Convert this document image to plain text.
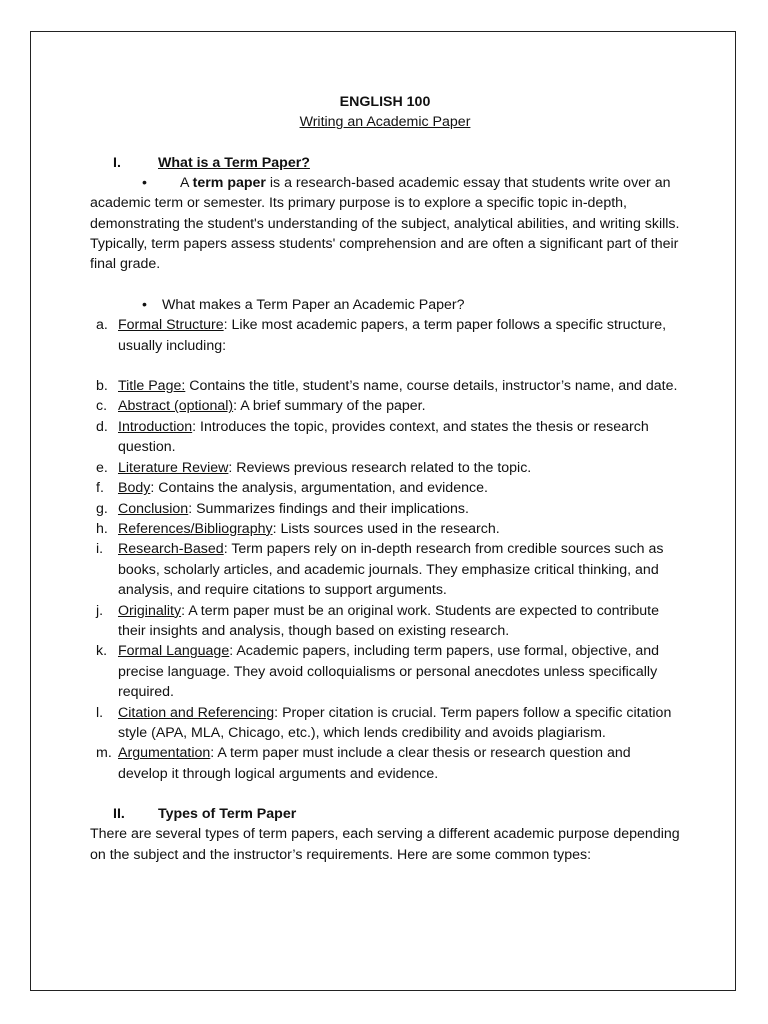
ENGLISH 100
Writing an Academic Paper
I.	What is a Term Paper?

• A term paper is a research-based academic essay that students write over an academic term or semester. Its primary purpose is to explore a specific topic in-depth, demonstrating the student's understanding of the subject, analytical abilities, and writing skills. Typically, term papers assess students' comprehension and are often a significant part of their final grade.

•	What makes a Term Paper an Academic Paper?
a. Formal Structure: Like most academic papers, a term paper follows a specific structure, usually including:
b. Title Page: Contains the title, student’s name, course details, instructor’s name, and date.
c. Abstract (optional): A brief summary of the paper.
d. Introduction: Introduces the topic, provides context, and states the thesis or research question.
e. Literature Review: Reviews previous research related to the topic.
f. Body: Contains the analysis, argumentation, and evidence.
g. Conclusion: Summarizes findings and their implications.
h. References/Bibliography: Lists sources used in the research.
i. Research-Based: Term papers rely on in-depth research from credible sources such as books, scholarly articles, and academic journals. They emphasize critical thinking, and analysis, and require citations to support arguments.
j. Originality: A term paper must be an original work. Students are expected to contribute their insights and analysis, though based on existing research.
k. Formal Language: Academic papers, including term papers, use formal, objective, and precise language. They avoid colloquialisms or personal anecdotes unless specifically required.
l. Citation and Referencing: Proper citation is crucial. Term papers follow a specific citation style (APA, MLA, Chicago, etc.), which lends credibility and avoids plagiarism.
m. Argumentation: A term paper must include a clear thesis or research question and develop it through logical arguments and evidence.
II. Types of Term Paper

There are several types of term papers, each serving a different academic purpose depending on the subject and the instructor’s requirements. Here are some common types:
